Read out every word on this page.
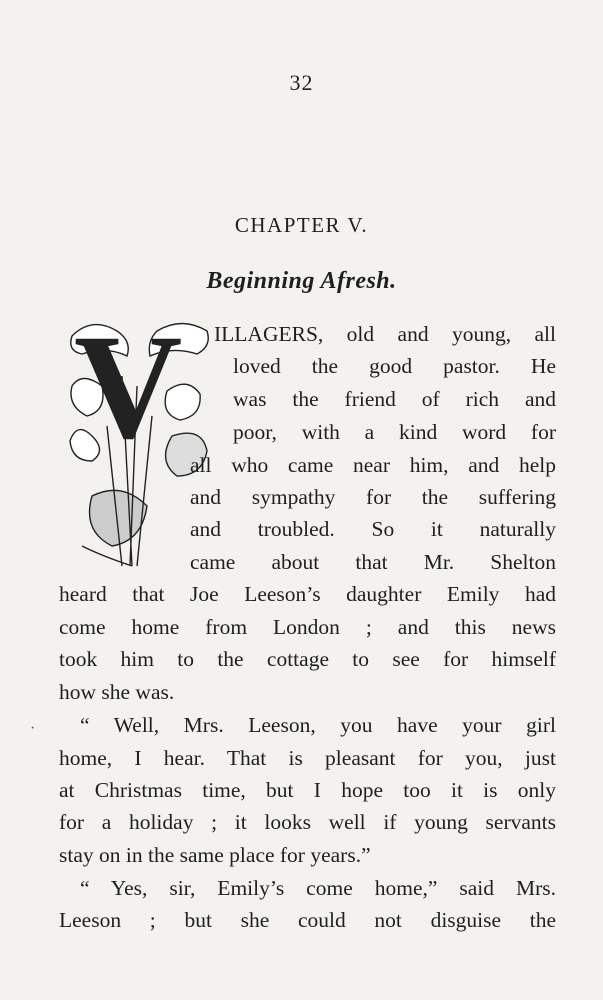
32
CHAPTER V.
Beginning Afresh.
V ILLAGERS, old and young, all
loved the good pastor. He
was the friend of rich and
poor, with a kind word for
all who came near him, and help
and sympathy for the suffering
and troubled. So it naturally
came about that Mr. Shelton
heard that Joe Leeson’s daughter Emily had
come home from London ; and this news
took him to the cottage to see for himself
how she was.
· “ Well, Mrs. Leeson, you have your girl
home, I hear. That is pleasant for you, just
at Christmas time, but I hope too it is only
for a holiday ; it looks well if young servants
stay on in the same place for years.”
“ Yes, sir, Emily’s come home,” said Mrs.
Leeson ; but she could not disguise the
